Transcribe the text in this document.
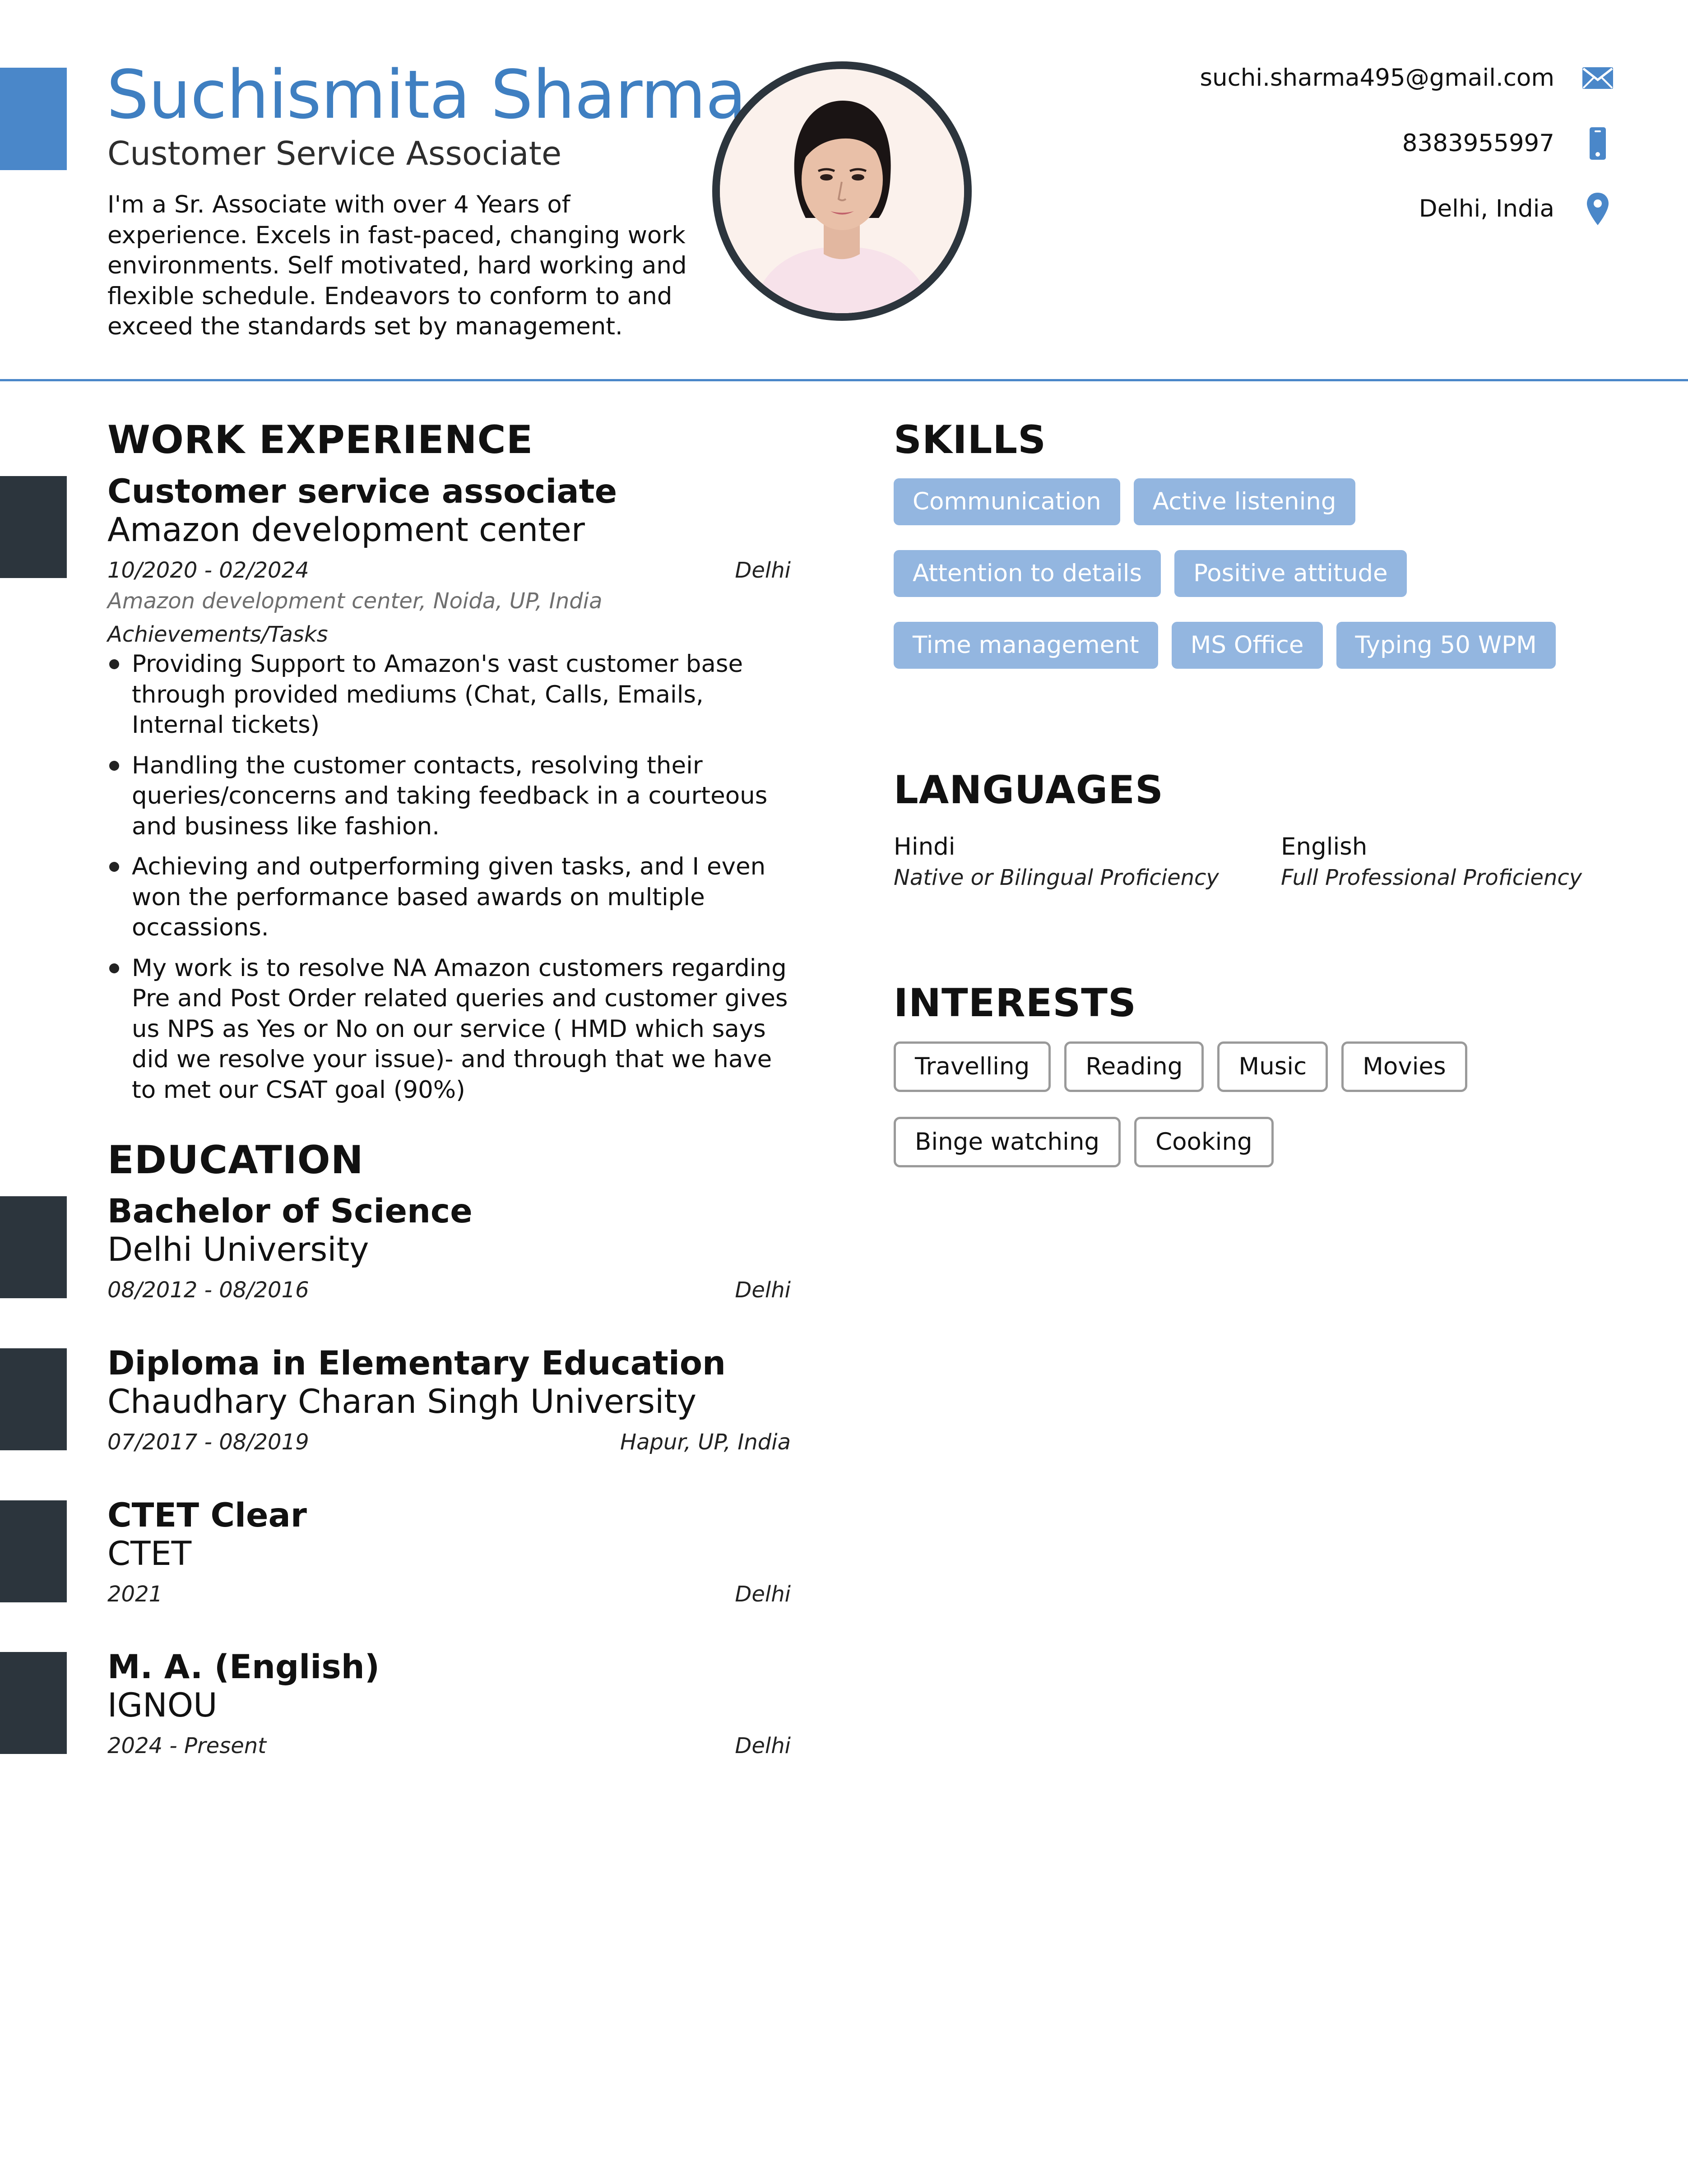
Suchismita Sharma
Customer Service Associate
I'm a Sr. Associate with over 4 Years of experience. Excels in fast-paced, changing work environments. Self motivated, hard working and flexible schedule. Endeavors to conform to and exceed the standards set by management.
suchi.sharma495@gmail.com
8383955997
Delhi, India
WORK EXPERIENCE
Customer service associate
Amazon development center
10/2020 - 02/2024	Delhi
Amazon development center, Noida, UP, India
Achievements/Tasks
Providing Support to Amazon's vast customer base through provided mediums (Chat, Calls, Emails, Internal tickets)
Handling the customer contacts, resolving their queries/concerns and taking feedback in a courteous and business like fashion.
Achieving and outperforming given tasks, and I even won the performance based awards on multiple occassions.
My work is to resolve NA Amazon customers regarding Pre and Post Order related queries and customer gives us NPS as Yes or No on our service ( HMD which says did we resolve your issue)- and through that we have to met our CSAT goal (90%)
EDUCATION
Bachelor of Science
Delhi University
08/2012 - 08/2016	Delhi
Diploma in Elementary Education
Chaudhary Charan Singh University
07/2017 - 08/2019	Hapur, UP, India
CTET Clear
CTET
2021	Delhi
M. A. (English)
IGNOU
2024 - Present	Delhi
SKILLS
Communication	Active listening
Attention to details	Positive attitude
Time management	MS Office	Typing 50 WPM
LANGUAGES
Hindi
Native or Bilingual Proficiency
English
Full Professional Proficiency
INTERESTS
Travelling	Reading	Music	Movies
Binge watching	Cooking
